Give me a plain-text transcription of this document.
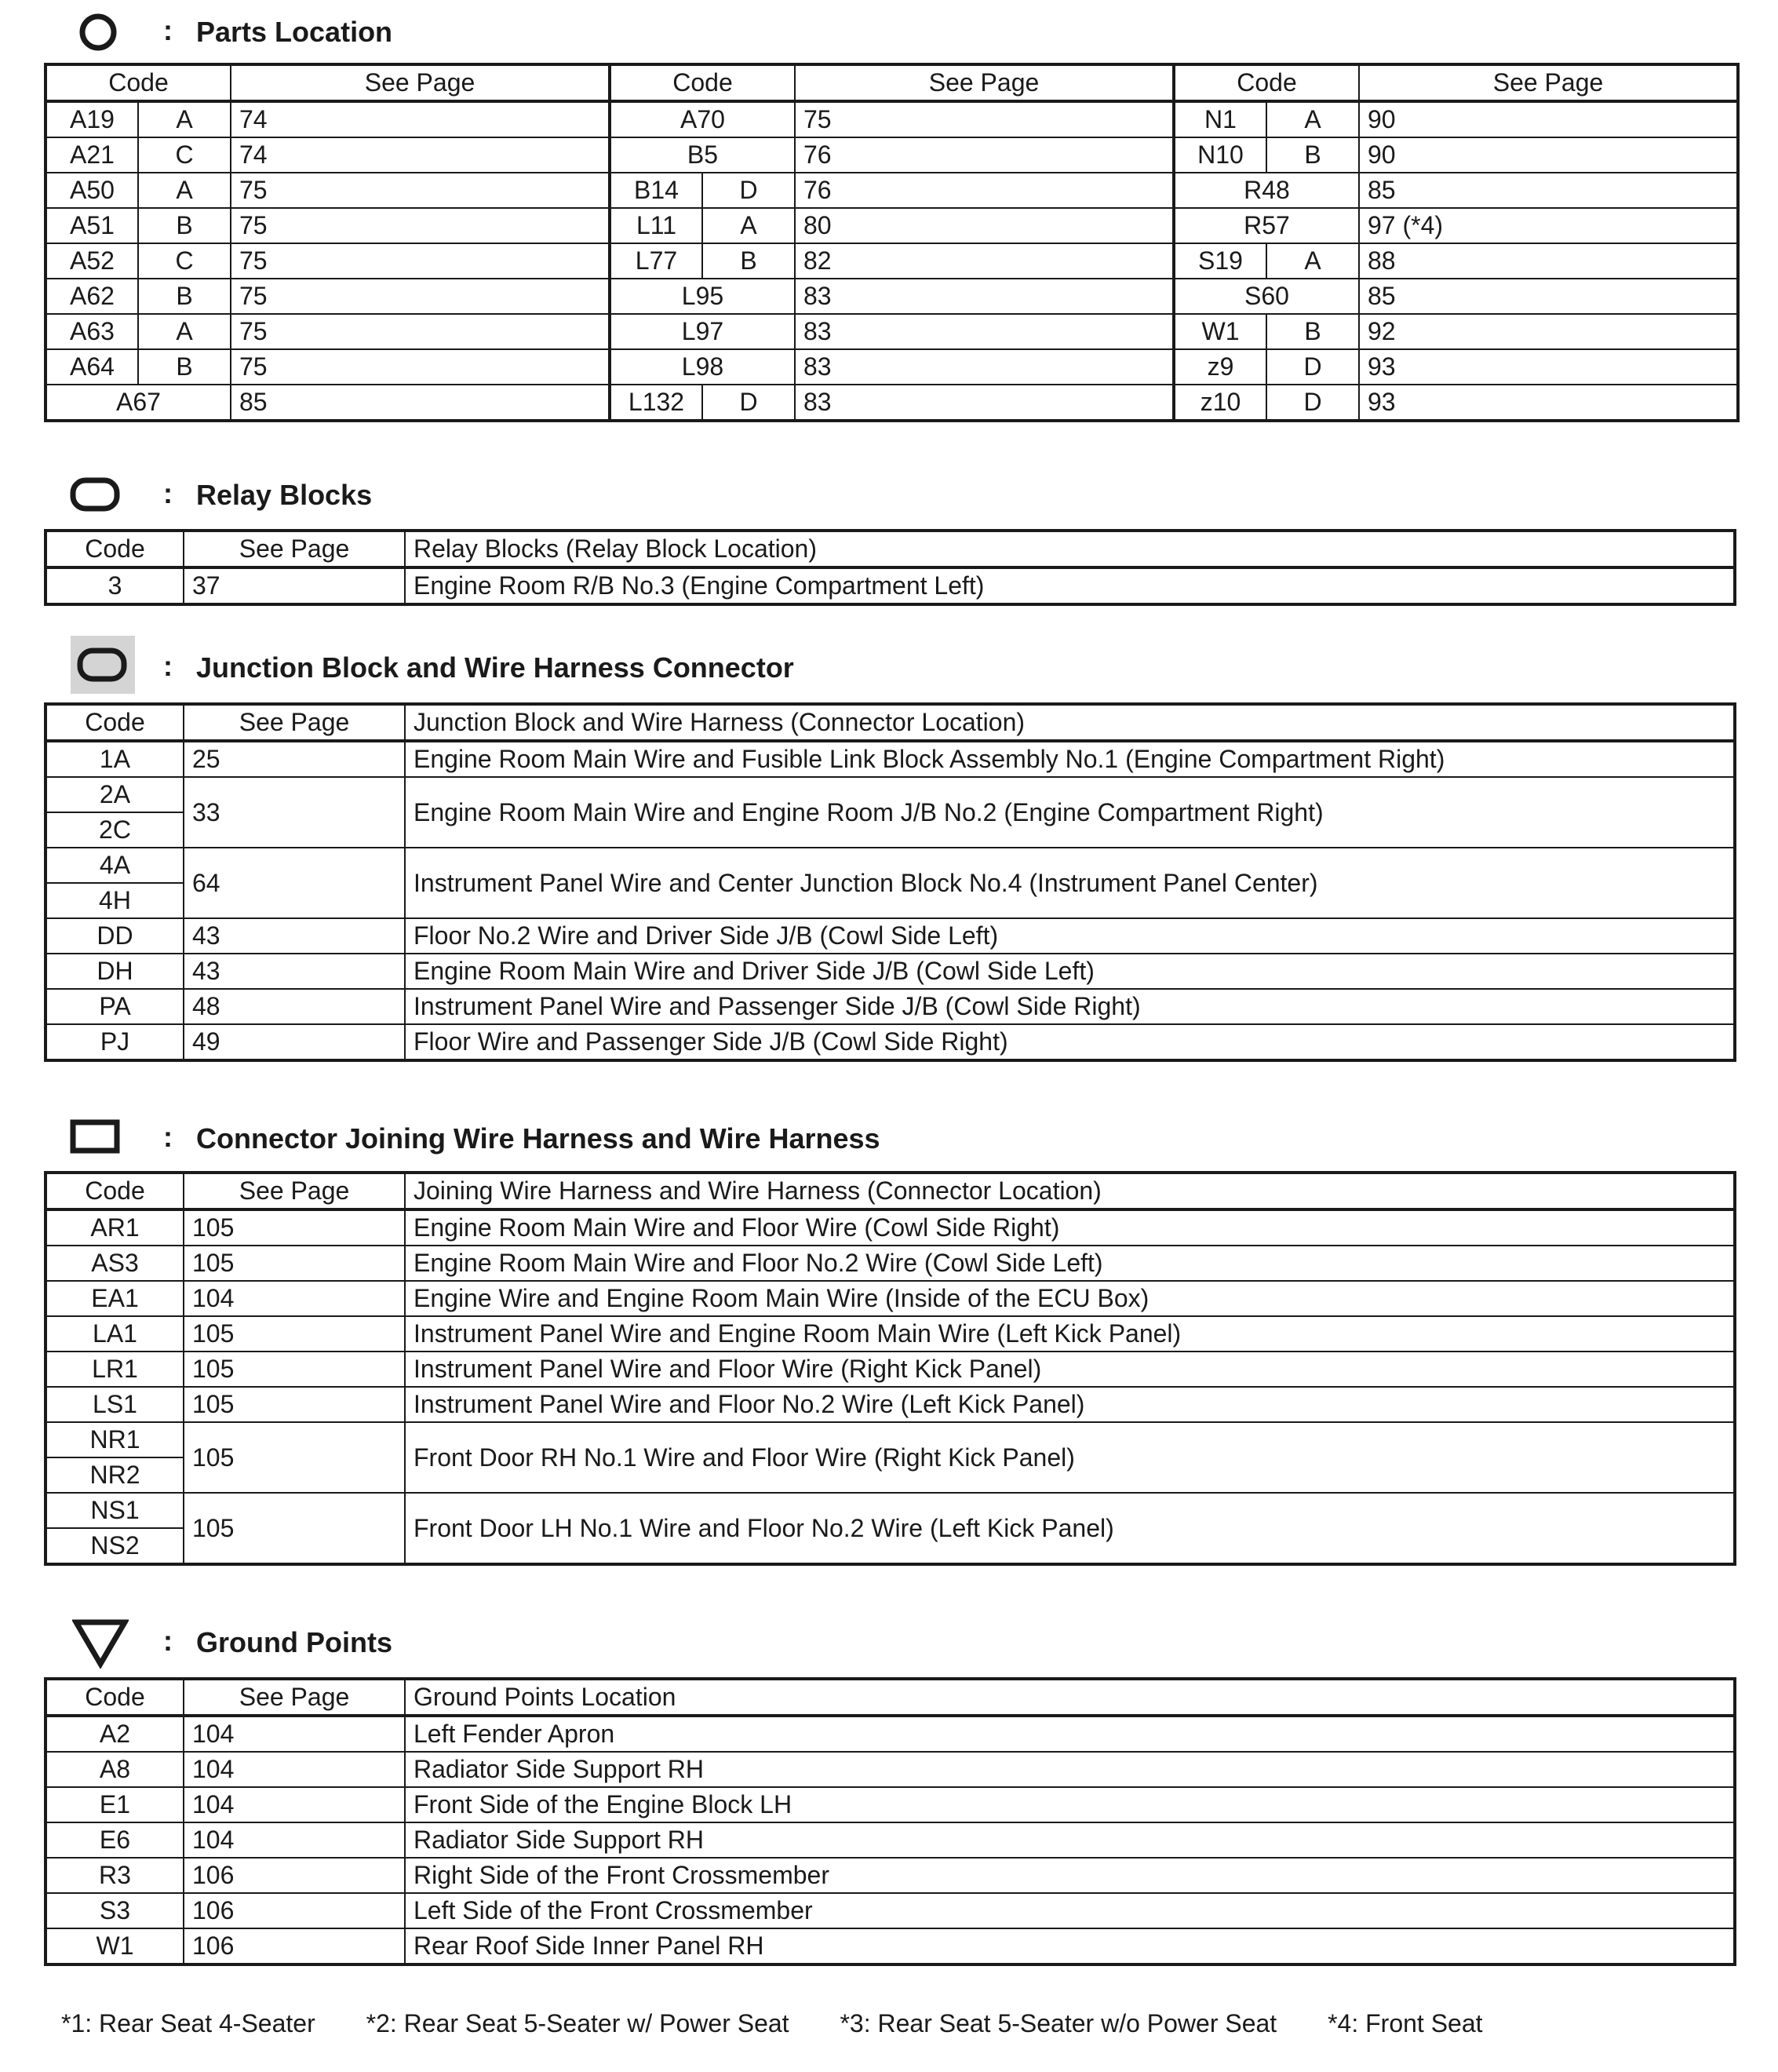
: Parts Location
Code		See Page	Code		See Page	Code		See Page
A19	A	74	A70		75	N1	A	90
A21	C	74	B5		76	N10	B	90
A50	A	75	B14	D	76	R48		85
A51	B	75	L11	A	80	R57		97 (*4)
A52	C	75	L77	B	82	S19	A	88
A62	B	75	L95		83	S60		85
A63	A	75	L97		83	W1	B	92
A64	B	75	L98		83	z9	D	93
A67		85	L132	D	83	z10	D	93
: Relay Blocks
Code	See Page	Relay Blocks (Relay Block Location)
3	37	Engine Room R/B No.3 (Engine Compartment Left)
: Junction Block and Wire Harness Connector
Code	See Page	Junction Block and Wire Harness (Connector Location)
1A	25	Engine Room Main Wire and Fusible Link Block Assembly No.1 (Engine Compartment Right)
2A	33	Engine Room Main Wire and Engine Room J/B No.2 (Engine Compartment Right)
2C		
4A	64	Instrument Panel Wire and Center Junction Block No.4 (Instrument Panel Center)
4H		
DD	43	Floor No.2 Wire and Driver Side J/B (Cowl Side Left)
DH	43	Engine Room Main Wire and Driver Side J/B (Cowl Side Left)
PA	48	Instrument Panel Wire and Passenger Side J/B (Cowl Side Right)
PJ	49	Floor Wire and Passenger Side J/B (Cowl Side Right)
: Connector Joining Wire Harness and Wire Harness
Code	See Page	Joining Wire Harness and Wire Harness (Connector Location)
AR1	105	Engine Room Main Wire and Floor Wire (Cowl Side Right)
AS3	105	Engine Room Main Wire and Floor No.2 Wire (Cowl Side Left)
EA1	104	Engine Wire and Engine Room Main Wire (Inside of the ECU Box)
LA1	105	Instrument Panel Wire and Engine Room Main Wire (Left Kick Panel)
LR1	105	Instrument Panel Wire and Floor Wire (Right Kick Panel)
LS1	105	Instrument Panel Wire and Floor No.2 Wire (Left Kick Panel)
NR1	105	Front Door RH No.1 Wire and Floor Wire (Right Kick Panel)
NR2		
NS1	105	Front Door LH No.1 Wire and Floor No.2 Wire (Left Kick Panel)
NS2		
: Ground Points
Code	See Page	Ground Points Location
A2	104	Left Fender Apron
A8	104	Radiator Side Support RH
E1	104	Front Side of the Engine Block LH
E6	104	Radiator Side Support RH
R3	106	Right Side of the Front Crossmember
S3	106	Left Side of the Front Crossmember
W1	106	Rear Roof Side Inner Panel RH
*1: Rear Seat 4-Seater *2: Rear Seat 5-Seater w/ Power Seat *3: Rear Seat 5-Seater w/o Power Seat *4: Front Seat
